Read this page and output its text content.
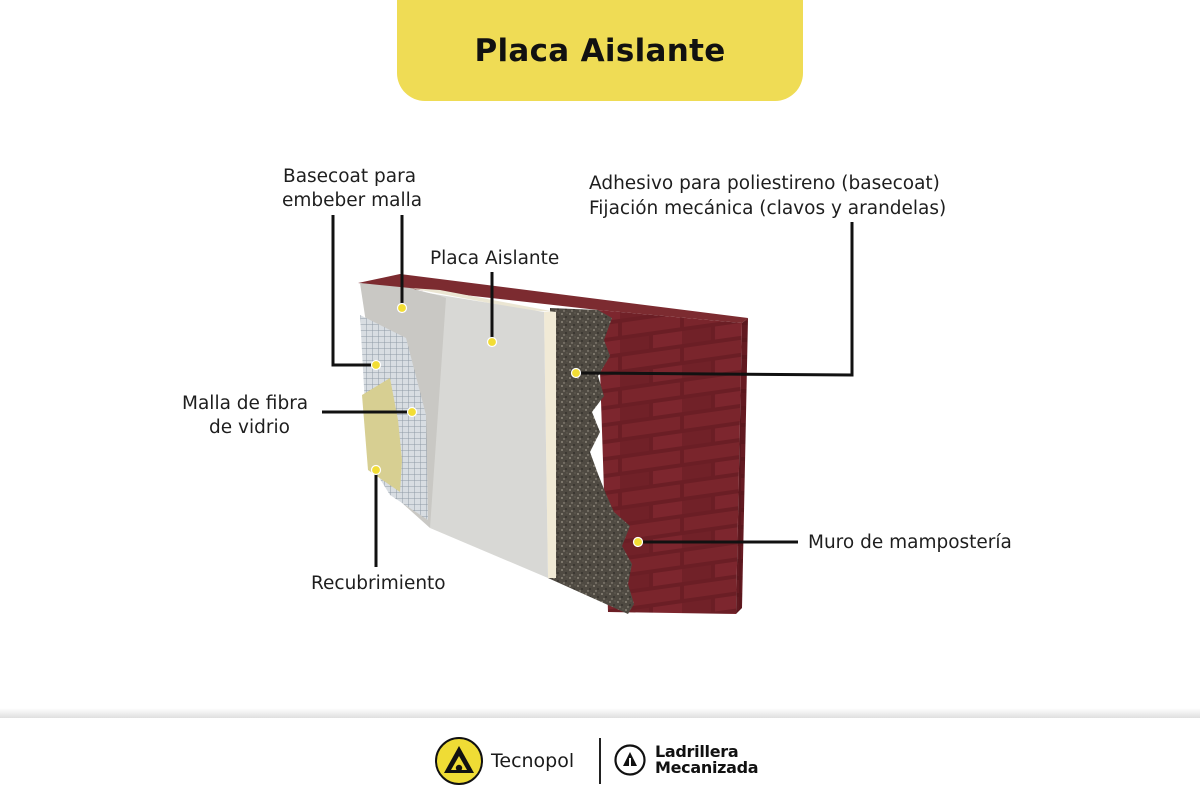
Placa Aislante
Basecoat para
embeber malla
Placa Aislante
Adhesivo para poliestireno (basecoat)
Fijación mecánica (clavos y arandelas)
Malla de fibra
de vidrio
Recubrimiento
Muro de mampostería
Tecnopol	Ladrillera
Mecanizada
